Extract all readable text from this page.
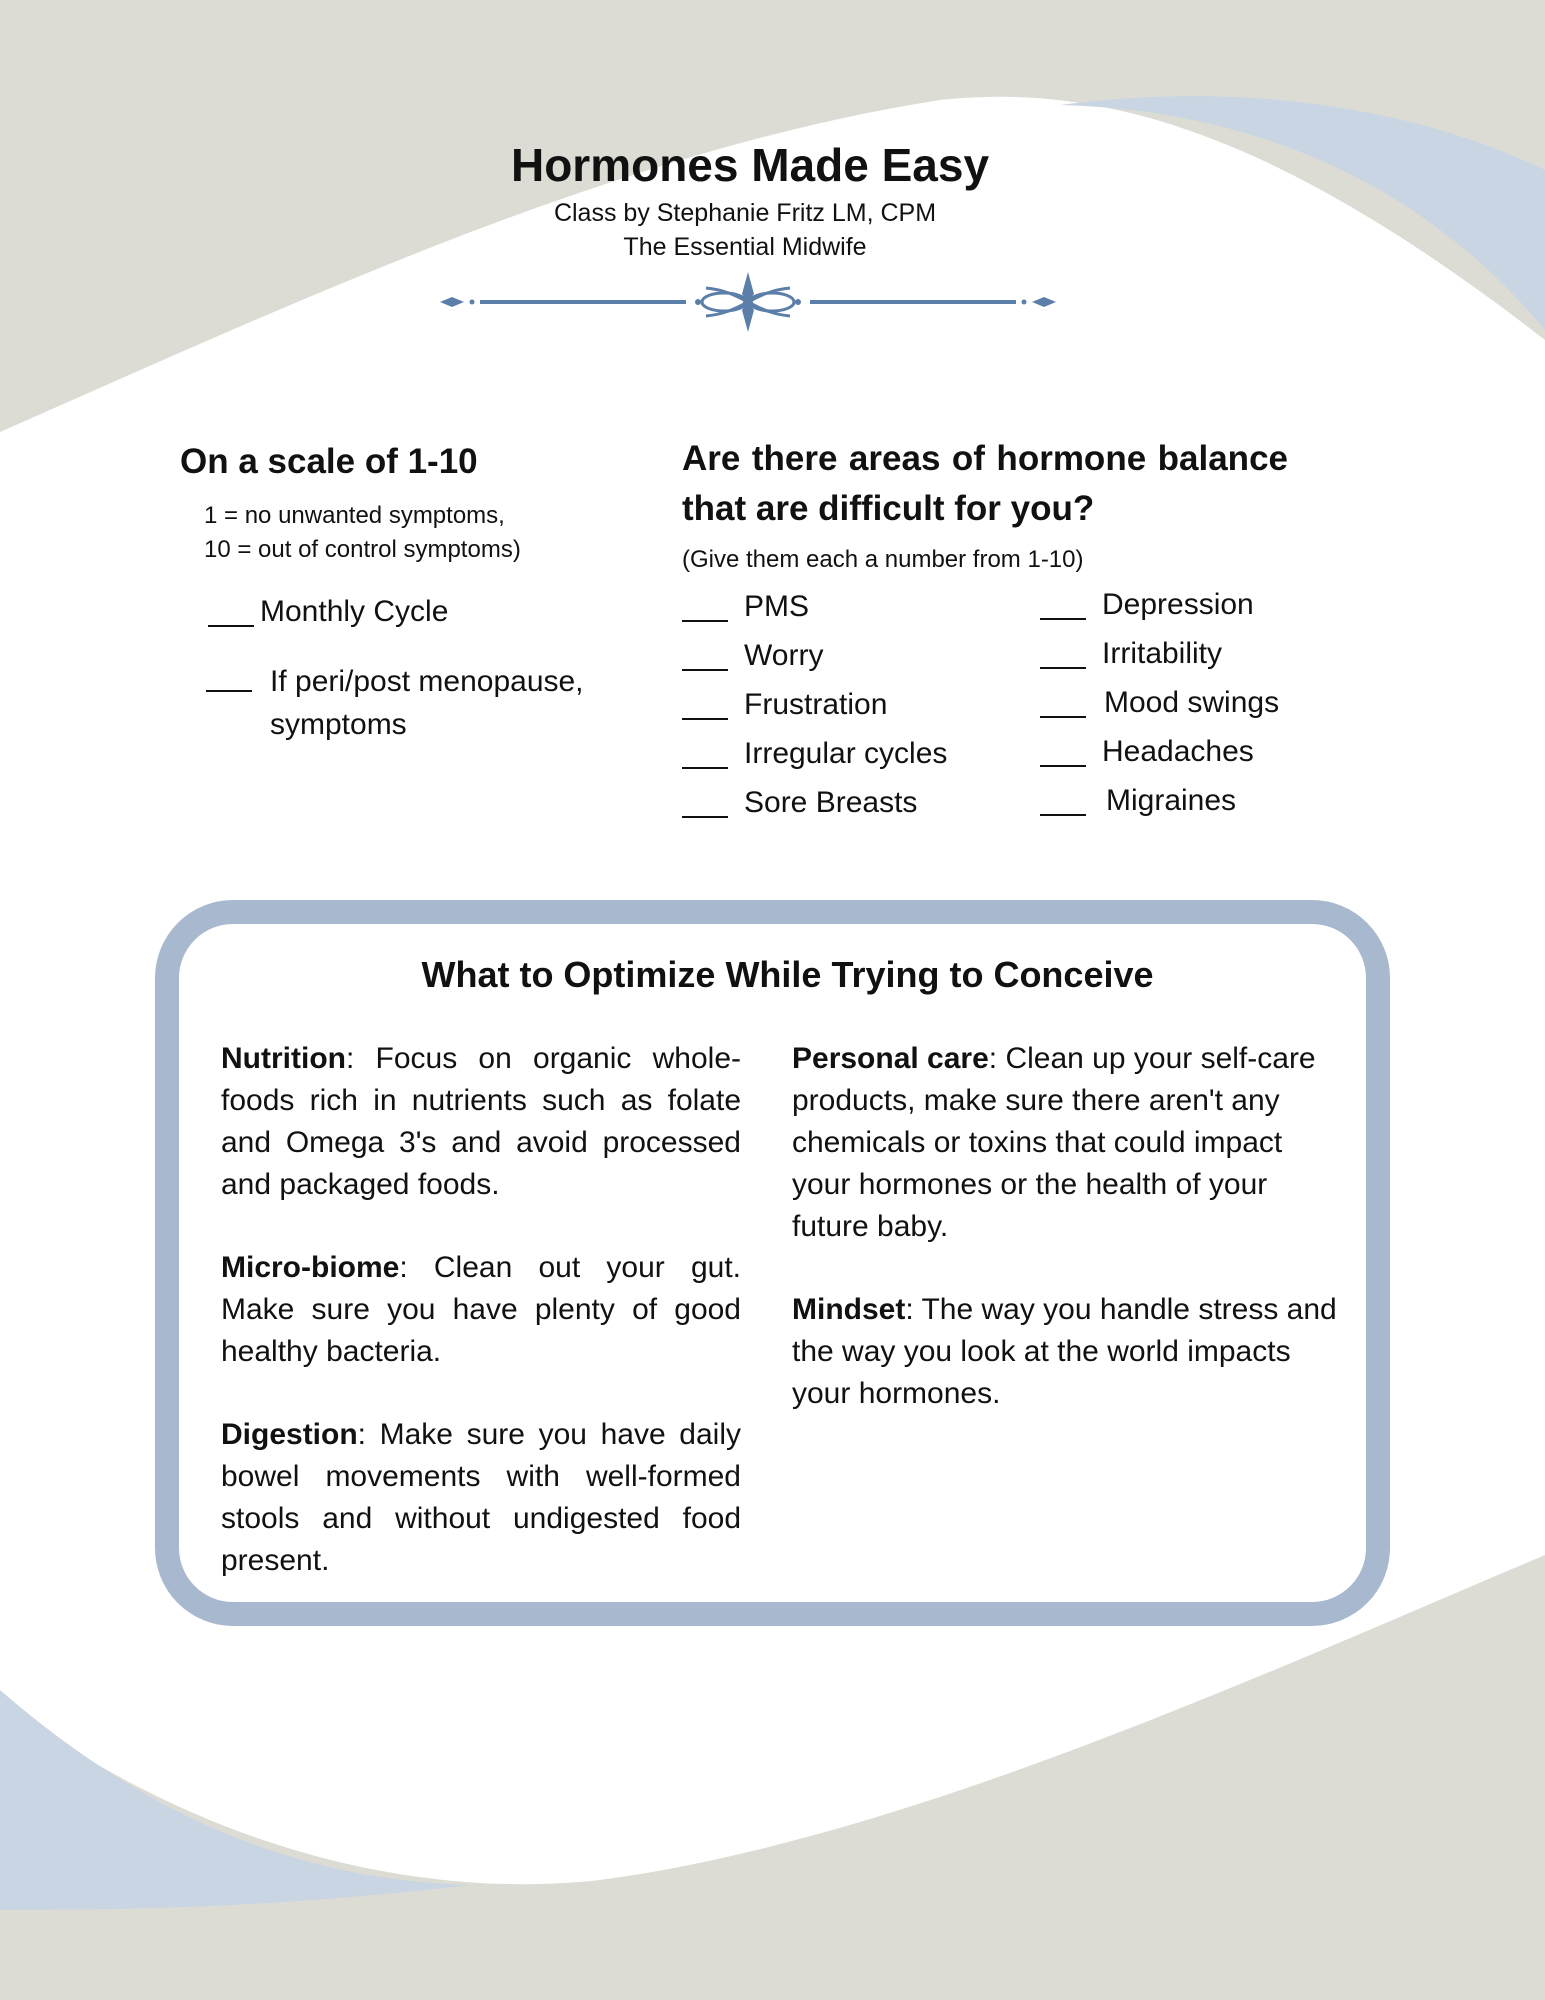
Hormones Made Easy
Class by Stephanie Fritz LM, CPM
The Essential Midwife
On a scale of 1-10
1 = no unwanted symptoms,
10 = out of control symptoms)
Monthly Cycle
If peri/post menopause,
symptoms
Are there areas of hormone balance that are difficult for you?
(Give them each a number from 1-10)
PMS
Worry
Frustration
Irregular cycles
Sore Breasts
Depression
Irritability
Mood swings
Headaches
Migraines
What to Optimize While Trying to Conceive

Nutrition: Focus on organic whole-foods rich in nutrients such as folate and Omega 3's and avoid processed and packaged foods.

Micro-biome: Clean out your gut. Make sure you have plenty of good healthy bacteria.

Digestion: Make sure you have daily bowel movements with well-formed stools and without undigested food present.

Personal care: Clean up your self-care products, make sure there aren't any chemicals or toxins that could impact your hormones or the health of your future baby.

Mindset: The way you handle stress and the way you look at the world impacts your hormones.
